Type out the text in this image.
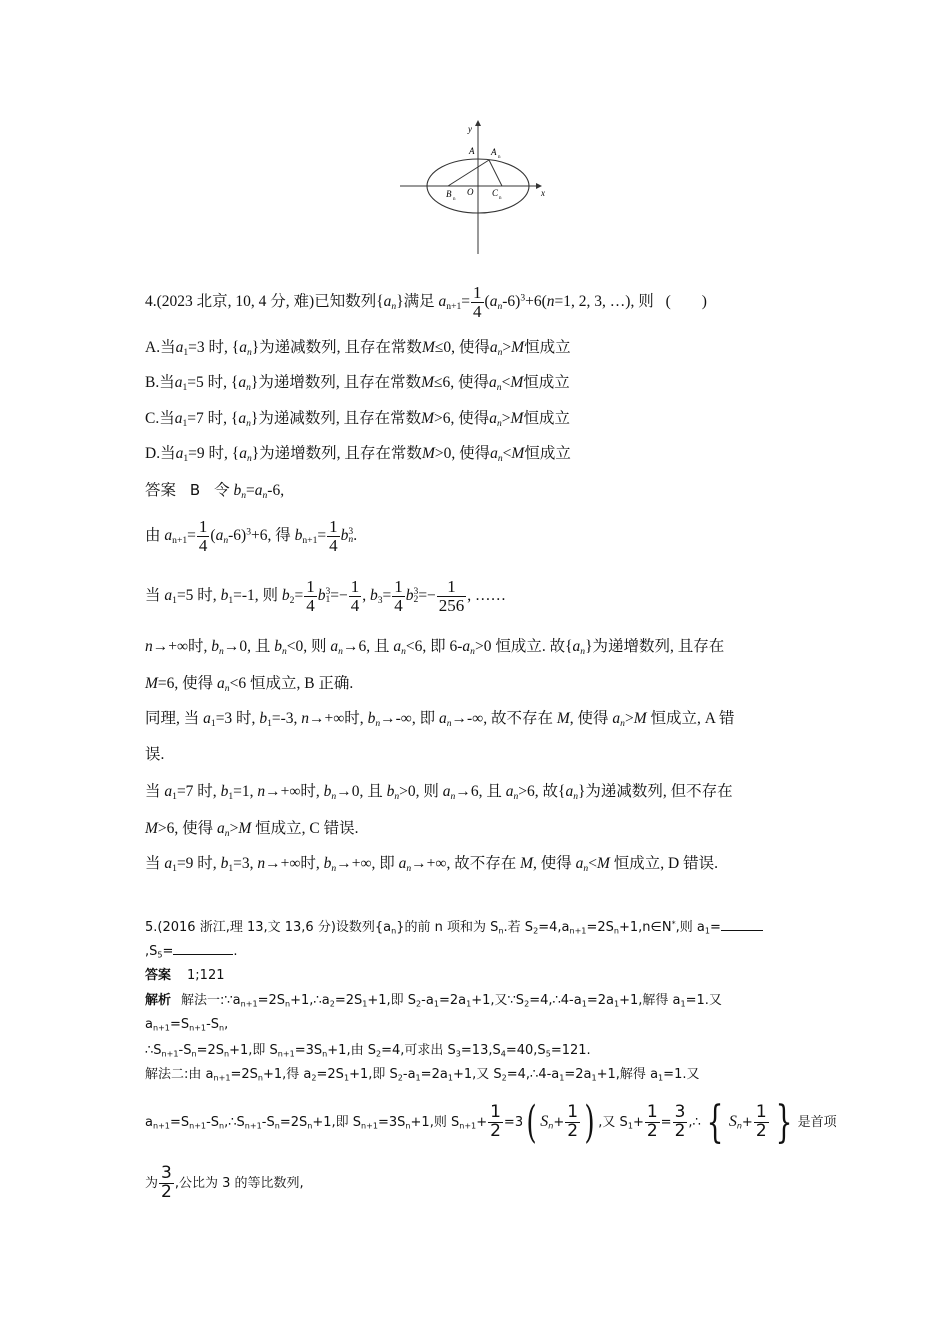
y
x
O
A A
n
B
n
C
n
4.(2023 北京, 10, 4 分, 难)已知数列$\{a_n\}$满足 $a_{n+1}= \frac{1}{4} (a_n-6)^3+6(n=1$, 2, 3, …), 则 (　　)
A.当$a_1=3$ 时, $\{a_n\}$为递减数列, 且存在常数M≤0, 使得$a_n>M$恒成立
B.当$a_1=5$ 时, $\{a_n\}$为递增数列, 且存在常数M≤6, 使得$a_n<M$恒成立
C.当$a_1=7$ 时, $\{a_n\}$为递减数列, 且存在常数M>6, 使得$a_n>M$恒成立
D.当$a_1=9$ 时, $\{a_n\}$为递增数列, 且存在常数M>0, 使得$a_n<M$恒成立
答案 B 令 $b_n=a_n-6$,
由 $a_{n+1}= \frac{1}{4} (a_n-6)^3+6$, 得 $b_{n+1}= \frac{1}{4}$ b 3
n .
当 $a_1=5$ 时, $b_1=-1$, 则 $b_2= \frac{1}{4}$ b 3
$1 =- \frac{1}{4}$ , $b_3= \frac{1}{4}$ b 3
$2 =- \frac{1}{256}$ , ……
n→+∞时, $b_n\to 0$, 且 $b_n<0$, 则 $a_n\to 6$, 且 $a_n<6$, 即 $6-a_n>0$ 恒成立. 故$\{a_n\}$为递增数列, 且存在
M=6, 使得 $a_n<6$ 恒成立, B 正确.
同理, 当 $a_1=3$ 时, $b_1=-3$, n→+∞时, $b_n\to-\infty$, 即 $a_n\to-\infty$, 故不存在 M, 使得 $a_n>M$ 恒成立, A 错
误.
当 $a_1=7$ 时, $b_1=1$, n→+∞时, $b_n\to 0$, 且 $b_n>0$, 则 $a_n\to 6$, 且 $a_n>6$, 故$\{a_n\}$为递减数列, 但不存在
M>6, 使得 $a_n>M$ 恒成立, C 错误.
当 $a_1=9$ 时, $b_1=3$, n→+∞时, $b_n\to+\infty$, 即 $a_n\to+\infty$, 故不存在 M, 使得 $a_n<M$ 恒成立, D 错误.
5.(2016 浙江,理 13,文 13,6 分)设数列$\{a_n\}$的前 n 项和为 $S_n$.若 $S_2=4,a_{n+1}=2S_n+1,n\in N^*$,则 $a_1=$
$,S_5=$	.
答案 1;121
解析 解法一$:\because a_{n+1}=2S_n+1,\therefore a_2=2S_1+1$,即 $S_2-a_1=2a_1+1$,又$\because S_2=4,\therefore 4-a_1=2a_1+1$,解得 $a_1=1$.又
$a_{n+1}=S_{n+1}-S_n$,
$\therefore S_{n+1}-S_n=2S_n+1$,即 $S_{n+1}=3S_n+1$,由 $S_2=4$,可求出 $S_3=13,S_4=40,S_5=121$.
解法二:由 $a_{n+1}=2S_n+1$,得 $a_2=2S_1+1$,即 $S_2-a_1=2a_1+1$,又 $S_2=4,\therefore 4-a_1=2a_1+1$,解得 $a_1=1$.又
$a_{n+1}=S_{n+1}-S_n,\therefore S_{n+1}-S_n=2S_n+1$,即 $S_{n+1}=3S_n+1$,则 $S_{n+1}+ \frac{1}{2} =3$( $S_n+ \frac{1}{2}$ ) ,又 $S_1+ \frac{1}{2} = \frac{3}{2}$ ,∴ { $S_n+ \frac{1}{2}$ } 是首项
为 $\frac{3}{2}$ ,公比为 3 的等比数列,
